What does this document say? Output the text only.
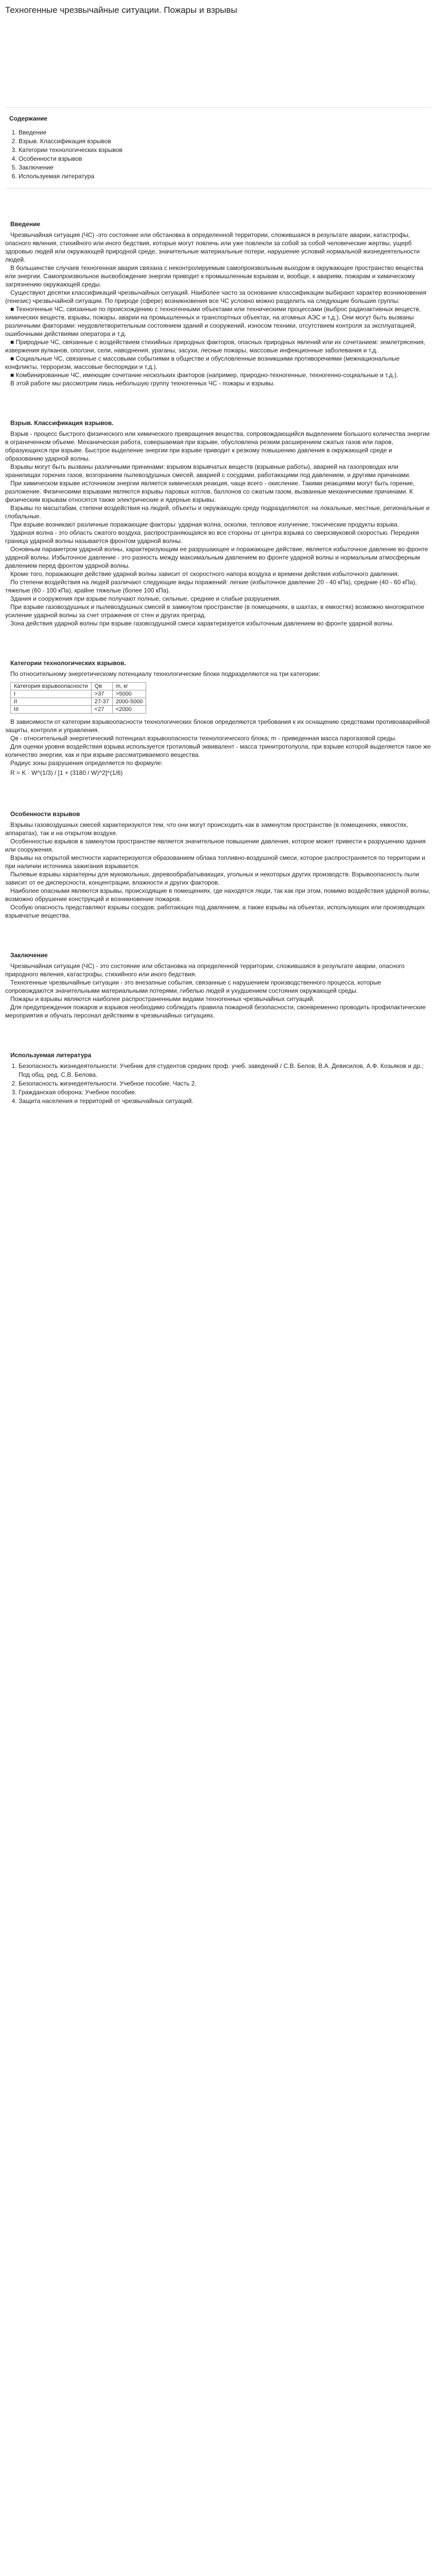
Техногенные чрезвычайные ситуации. Пожары и взрывы
Содержание
1. Введение
2. Взрыв. Классификация взрывов
3. Категории технологических взрывов
4. Особенности взрывов
5. Заключение
6. Используемая литература
Введение

Чрезвычайная ситуация (ЧС) -это состояние или обстановка в определенной территории, сложившаяся в результате аварии, катастрофы, опасного явления, стихийного или иного бедствия, которые могут повлечь или уже повлекли за собой за собой человеческие жертвы, ущерб здоровью людей или окружающей природной среде, значительные материальные потери, нарушение условий нормальной жизнедеятельности людей.

В большинстве случаев техногенная авария связана с неконтролируемым самопроизвольным выходом в окружающее пространство вещества или энергии. Самопроизвольное высвобождение энергии приводит к промышленным взрывам и, вообще, к авариям, пожарам и химическому загрязнению окружающей среды.

Существуют десятки классификаций чрезвычайных ситуаций. Наиболее часто за основание классификации выбирают характер возникновения (генезис) чрезвычайной ситуации. По природе (сфере) возникновения все ЧС условно можно разделить на следующие большие группы:

■ Техногенные ЧС, связанные по происхождению с техногенными объектами или техническими процессами (выброс радиоактивных веществ, химических веществ, взрывы, пожары, аварии на промышленных и транспортных объектах, на атомных АЭС и т.д.). Они могут быть вызваны различными факторами: неудовлетворительным состоянием зданий и сооружений, износом техники, отсутствием контроля за эксплуатацией, ошибочными действиями оператора и т.д.

■ Природные ЧС, связанные с воздействием стихийных природных факторов, опасных природных явлений или их сочетанием: землетрясения, извержения вулканов, оползни, сели, наводнения, ураганы, засухи, лесные пожары, массовые инфекционные заболевания и т.д.

■ Социальные ЧС, связанные с массовыми событиями в обществе и обусловленные возникшими противоречиями (межнациональные конфликты, терроризм, массовые беспорядки и т.д.).

■ Комбинированные ЧС, имеющие сочетание нескольких факторов (например, природно-техногенные, техногенно-социальные и т.д.).

В этой работе мы рассмотрим лишь небольшую группу техногенных ЧС - пожары и взрывы.

Взрыв. Классификация взрывов.

Взрыв - процесс быстрого физического или химического превращения вещества, сопровождающийся выделением большого количества энергии в ограниченном объеме. Механическая работа, совершаемая при взрыве, обусловлена резким расширением сжатых газов или паров, образующихся при взрыве. Быстрое выделение энергии при взрыве приводит к резкому повышению давления в окружающей среде и образованию ударной волны.

Взрывы могут быть вызваны различными причинами: взрывом взрывчатых веществ (взрывные работы), аварией на газопроводах или хранилищах горючих газов, возгоранием пылевоздушных смесей, аварией с сосудами, работающими под давлением, и другими причинами.

При химическом взрыве источником энергии является химическая реакция, чаще всего - окисление. Такими реакциями могут быть горение, разложение. Физическими взрывами являются взрывы паровых котлов, баллонов со сжатым газом, вызванные механическими причинами. К физическим взрывам относятся также электрические и ядерные взрывы.

Взрывы по масштабам, степени воздействия на людей, объекты и окружающую среду подразделяются: на локальные, местные, региональные и глобальные.

При взрыве возникают различные поражающие факторы: ударная волна, осколки, тепловое излучение, токсические продукты взрыва.

Ударная волна - это область сжатого воздуха, распространяющаяся во все стороны от центра взрыва со сверхзвуковой скоростью. Передняя граница ударной волны называется фронтом ударной волны.

Основным параметром ударной волны, характеризующим ее разрушающее и поражающее действие, является избыточное давление во фронте ударной волны. Избыточное давление - это разность между максимальным давлением во фронте ударной волны и нормальным атмосферным давлением перед фронтом ударной волны.

Кроме того, поражающее действие ударной волны зависит от скоростного напора воздуха и времени действия избыточного давления.

По степени воздействия на людей различают следующие виды поражений: легкие (избыточное давление 20 - 40 кПа), средние (40 - 60 кПа), тяжелые (60 - 100 кПа), крайне тяжелые (более 100 кПа).

Здания и сооружения при взрыве получают полные, сильные, средние и слабые разрушения.

При взрыве газовоздушных и пылевоздушных смесей в замкнутом пространстве (в помещениях, в шахтах, в емкостях) возможно многократное усиление ударной волны за счет отражения от стен и других преград.

Зона действия ударной волны при взрыве газовоздушной смеси характеризуется избыточным давлением во фронте ударной волны.

Категории технологических взрывов.

По относительному энергетическому потенциалу технологические блоки подразделяются на три категории:

Категория взрывоопасности	Qв	m, кг
I	>37	>5000
II	27-37	2000-5000
III	<27	<2000

В зависимости от категории взрывоопасности технологических блоков определяются требования к их оснащению средствами противоаварийной защиты, контроля и управления.

Qв - относительный энергетический потенциал взрывоопасности технологического блока; m - приведенная масса парогазовой среды.

Для оценки уровня воздействия взрыва используется тротиловый эквивалент - масса тринитротолуола, при взрыве которой выделяется такое же количество энергии, как и при взрыве рассматриваемого вещества.

Радиус зоны разрушения определяется по формуле:

R = K · W^(1/3) / [1 + (3180 / W)^2]^(1/6)
Особенности взрывов

Взрывы газовоздушных смесей характеризуются тем, что они могут происходить как в замкнутом пространстве (в помещениях, емкостях, аппаратах), так и на открытом воздухе.

Особенностью взрывов в замкнутом пространстве является значительное повышение давления, которое может привести к разрушению здания или сооружения.

Взрывы на открытой местности характеризуются образованием облака топливно-воздушной смеси, которое распространяется по территории и при наличии источника зажигания взрывается.

Пылевые взрывы характерны для мукомольных, деревообрабатывающих, угольных и некоторых других производств. Взрывоопасность пыли зависит от ее дисперсности, концентрации, влажности и других факторов.

Наиболее опасными являются взрывы, происходящие в помещениях, где находятся люди, так как при этом, помимо воздействия ударной волны, возможно обрушение конструкций и возникновение пожаров.

Особую опасность представляют взрывы сосудов, работающих под давлением, а также взрывы на объектах, использующих или производящих взрывчатые вещества.

Заключение

Чрезвычайная ситуация (ЧС) - это состояние или обстановка на определенной территории, сложившаяся в результате аварии, опасного природного явления, катастрофы, стихийного или иного бедствия.

Техногенные чрезвычайные ситуации - это внезапные события, связанные с нарушением производственного процесса, которые сопровождаются значительными материальными потерями, гибелью людей и ухудшением состояния окружающей среды.

Пожары и взрывы являются наиболее распространенными видами техногенных чрезвычайных ситуаций.

Для предупреждения пожаров и взрывов необходимо соблюдать правила пожарной безопасности, своевременно проводить профилактические мероприятия и обучать персонал действиям в чрезвычайных ситуациях.

Используемая литература
1. Безопасность жизнедеятельности: Учебник для студентов средних проф. учеб. заведений / С.В. Белов, В.А. Девисилов, А.Ф. Козьяков и др.; Под общ. ред. С.В. Белова.
2. Безопасность жизнедеятельности. Учебное пособие. Часть 2.
3. Гражданская оборона: Учебное пособие.
4. Защита населения и территорий от чрезвычайных ситуаций.
